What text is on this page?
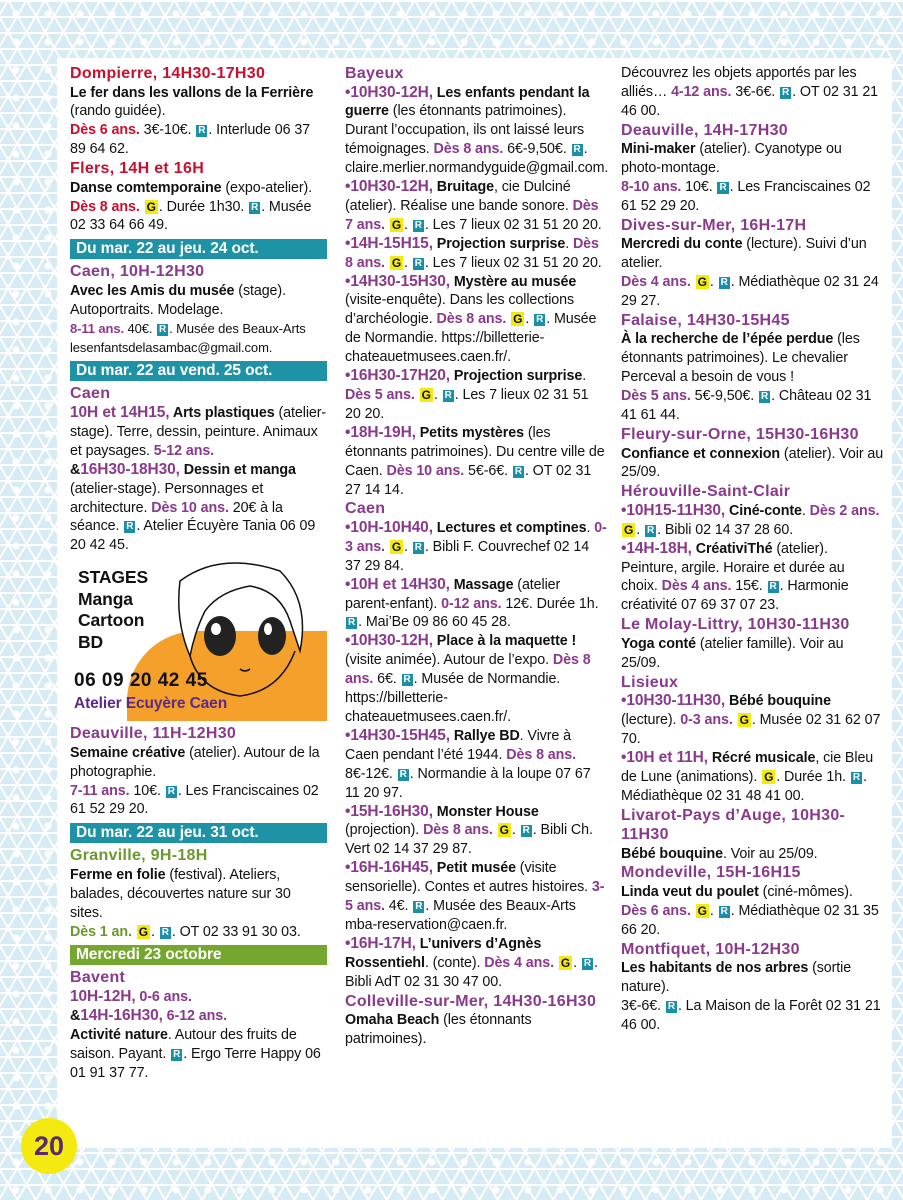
Dompierre, 14H30-17H30
Le fer dans les vallons de la Ferrière (rando guidée).
Dès 6 ans. 3€-10€. R . Interlude 06 37 89 64 62.
Flers, 14H et 16H
Danse comtemporaine (expo-atelier).
Dès 8 ans. G . Durée 1h30. R . Musée 02 33 64 66 49.
Du mar. 22 au jeu. 24 oct.
Caen, 10H-12H30
Avec les Amis du musée (stage). Autoportraits. Modelage.
8-11 ans. 40€. R . Musée des Beaux-Arts lesenfantsdelasambac@gmail.com.
Du mar. 22 au vend. 25 oct.
Caen
10H et 14H15, Arts plastiques (atelier-stage). Terre, dessin, peinture. Animaux et paysages. 5-12 ans.
&16H30-18H30, Dessin et manga (atelier-stage). Personnages et architecture. Dès 10 ans. 20€ à la séance. R . Atelier Écuyère Tania 06 09 20 42 45.
STAGES
Manga
Cartoon
BD
06 09 20 42 45
Atelier Ecuyère Caen
Deauville, 11H-12H30
Semaine créative (atelier). Autour de la photographie.
7-11 ans. 10€. R . Les Franciscaines 02 61 52 29 20.
Du mar. 22 au jeu. 31 oct.
Granville, 9H-18H
Ferme en folie (festival). Ateliers, balades, découvertes nature sur 30 sites.
Dès 1 an. G . R . OT 02 33 91 30 03.
Mercredi 23 octobre
Bavent
10H-12H, 0-6 ans.
&14H-16H30, 6-12 ans.
Activité nature. Autour des fruits de saison. Payant. R . Ergo Terre Happy 06 01 91 37 77.
Bayeux
•10H30-12H, Les enfants pendant la guerre (les étonnants patrimoines). Durant l’occupation, ils ont laissé leurs témoignages. Dès 8 ans. 6€-9,50€. R . claire.merlier.normandyguide@gmail.com.
•10H30-12H, Bruitage, cie Dulciné (atelier). Réalise une bande sonore. Dès 7 ans. G . R . Les 7 lieux 02 31 51 20 20.
•14H-15H15, Projection surprise. Dès 8 ans. G . R . Les 7 lieux 02 31 51 20 20.
•14H30-15H30, Mystère au musée (visite-enquête). Dans les collections d’archéologie. Dès 8 ans. G . R . Musée de Normandie. https://billetterie-chateauetmusees.caen.fr/.
•16H30-17H20, Projection surprise. Dès 5 ans. G . R . Les 7 lieux 02 31 51 20 20.
•18H-19H, Petits mystères (les étonnants patrimoines). Du centre ville de Caen. Dès 10 ans. 5€-6€. R . OT 02 31 27 14 14.
Caen
•10H-10H40, Lectures et comptines. 0-3 ans. G . R . Bibli F. Couvrechef 02 14 37 29 84.
•10H et 14H30, Massage (atelier parent-enfant). 0-12 ans. 12€. Durée 1h. R . Mai’Be 09 86 60 45 28.
•10H30-12H, Place à la maquette ! (visite animée). Autour de l’expo. Dès 8 ans. 6€. R . Musée de Normandie. https://billetterie-chateauetmusees.caen.fr/.
•14H30-15H45, Rallye BD. Vivre à Caen pendant l’été 1944. Dès 8 ans. 8€-12€. R . Normandie à la loupe 07 67 11 20 97.
•15H-16H30, Monster House (projection). Dès 8 ans. G . R . Bibli Ch. Vert 02 14 37 29 87.
•16H-16H45, Petit musée (visite sensorielle). Contes et autres histoires. 3-5 ans. 4€. R . Musée des Beaux-Arts mba-reservation@caen.fr.
•16H-17H, L’univers d’Agnès Rossentiehl. (conte). Dès 4 ans. G . R . Bibli AdT 02 31 30 47 00.
Colleville-sur-Mer, 14H30-16H30
Omaha Beach (les étonnants patrimoines).
Découvrez les objets apportés par les alliés… 4-12 ans. 3€-6€. R . OT 02 31 21 46 00.
Deauville, 14H-17H30
Mini-maker (atelier). Cyanotype ou photo-montage.
8-10 ans. 10€. R . Les Franciscaines 02 61 52 29 20.
Dives-sur-Mer, 16H-17H
Mercredi du conte (lecture). Suivi d’un atelier.
Dès 4 ans. G . R . Médiathèque 02 31 24 29 27.
Falaise, 14H30-15H45
À la recherche de l’épée perdue (les étonnants patrimoines). Le chevalier Perceval a besoin de vous !
Dès 5 ans. 5€-9,50€. R . Château 02 31 41 61 44.
Fleury-sur-Orne, 15H30-16H30
Confiance et connexion (atelier). Voir au 25/09.
Hérouville-Saint-Clair
•10H15-11H30, Ciné-conte. Dès 2 ans. G . R . Bibli 02 14 37 28 60.
•14H-18H, CréativiThé (atelier). Peinture, argile. Horaire et durée au choix. Dès 4 ans. 15€. R . Harmonie créativité 07 69 37 07 23.
Le Molay-Littry, 10H30-11H30
Yoga conté (atelier famille). Voir au 25/09.
Lisieux
•10H30-11H30, Bébé bouquine (lecture). 0-3 ans. G . Musée 02 31 62 07 70.
•10H et 11H, Récré musicale, cie Bleu de Lune (animations). G . Durée 1h. R . Médiathèque 02 31 48 41 00.
Livarot-Pays d’Auge, 10H30-11H30
Bébé bouquine. Voir au 25/09.
Mondeville, 15H-16H15
Linda veut du poulet (ciné-mômes).
Dès 6 ans. G . R . Médiathèque 02 31 35 66 20.
Montfiquet, 10H-12H30
Les habitants de nos arbres (sortie nature).
3€-6€. R . La Maison de la Forêt 02 31 21 46 00.
20
